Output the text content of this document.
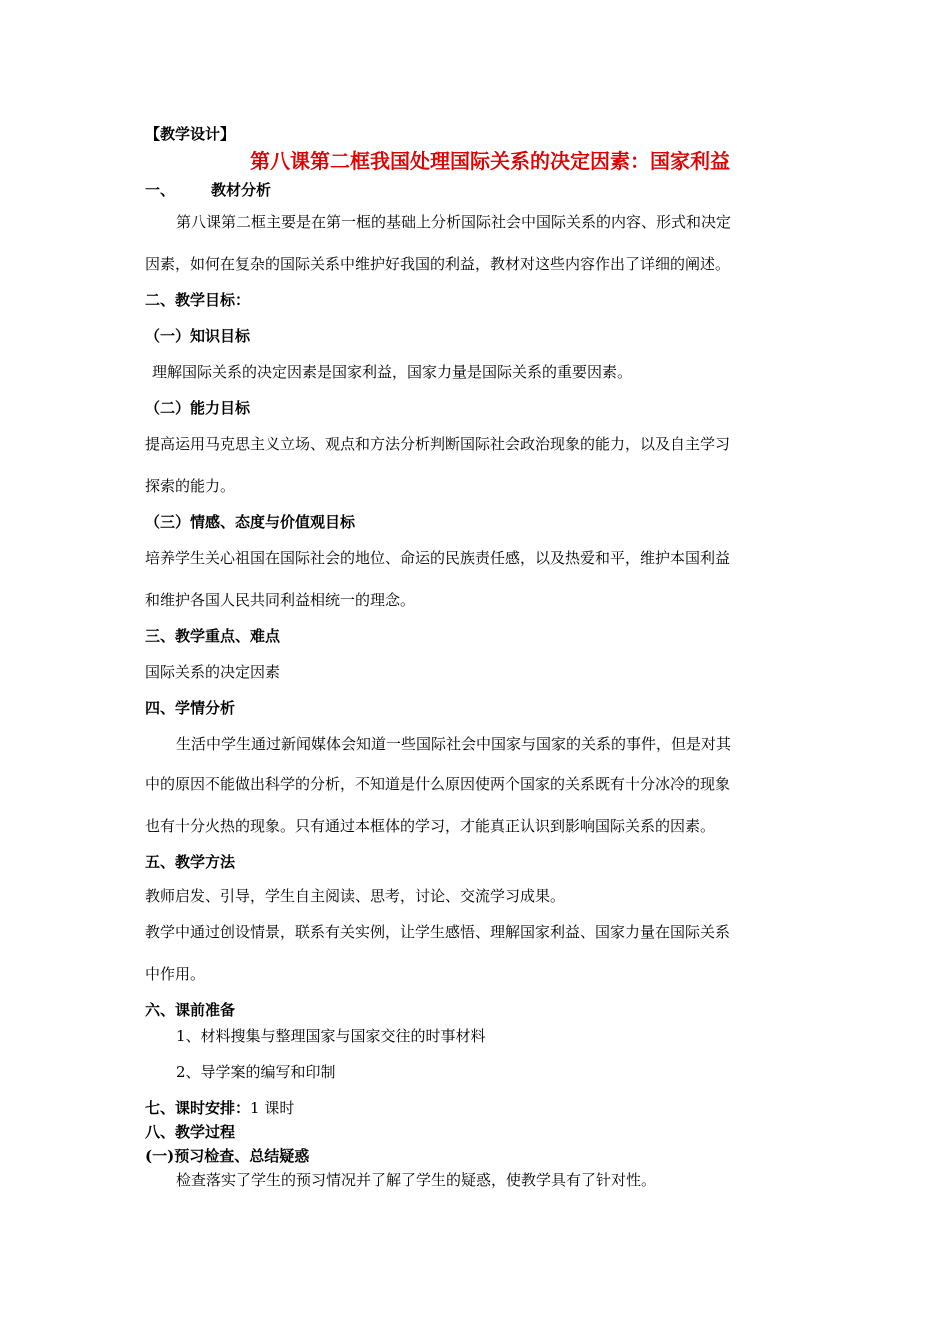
【教学设计】
第八课第二框我国处理国际关系的决定因素：国家利益
一、 教材分析
第八课第二框主要是在第一框的基础上分析国际社会中国际关系的内容、形式和决定
因素，如何在复杂的国际关系中维护好我国的利益，教材对这些内容作出了详细的阐述。
二、教学目标：
（一）知识目标
理解国际关系的决定因素是国家利益，国家力量是国际关系的重要因素。
（二）能力目标
提高运用马克思主义立场、观点和方法分析判断国际社会政治现象的能力，以及自主学习
探索的能力。
（三）情感、态度与价值观目标
培养学生关心祖国在国际社会的地位、命运的民族责任感，以及热爱和平，维护本国利益
和维护各国人民共同利益相统一的理念。
三、教学重点、难点
国际关系的决定因素
四、学情分析
生活中学生通过新闻媒体会知道一些国际社会中国家与国家的关系的事件，但是对其
中的原因不能做出科学的分析，不知道是什么原因使两个国家的关系既有十分冰冷的现象
也有十分火热的现象。只有通过本框体的学习，才能真正认识到影响国际关系的因素。
五、教学方法
教师启发、引导，学生自主阅读、思考，讨论、交流学习成果。
教学中通过创设情景，联系有关实例，让学生感悟、理解国家利益、国家力量在国际关系
中作用。
六、课前准备
1、材料搜集与整理国家与国家交往的时事材料
2、导学案的编写和印制
七、课时安排：1 课时
八、教学过程
(一)预习检查、总结疑惑
检查落实了学生的预习情况并了解了学生的疑惑，使教学具有了针对性。
